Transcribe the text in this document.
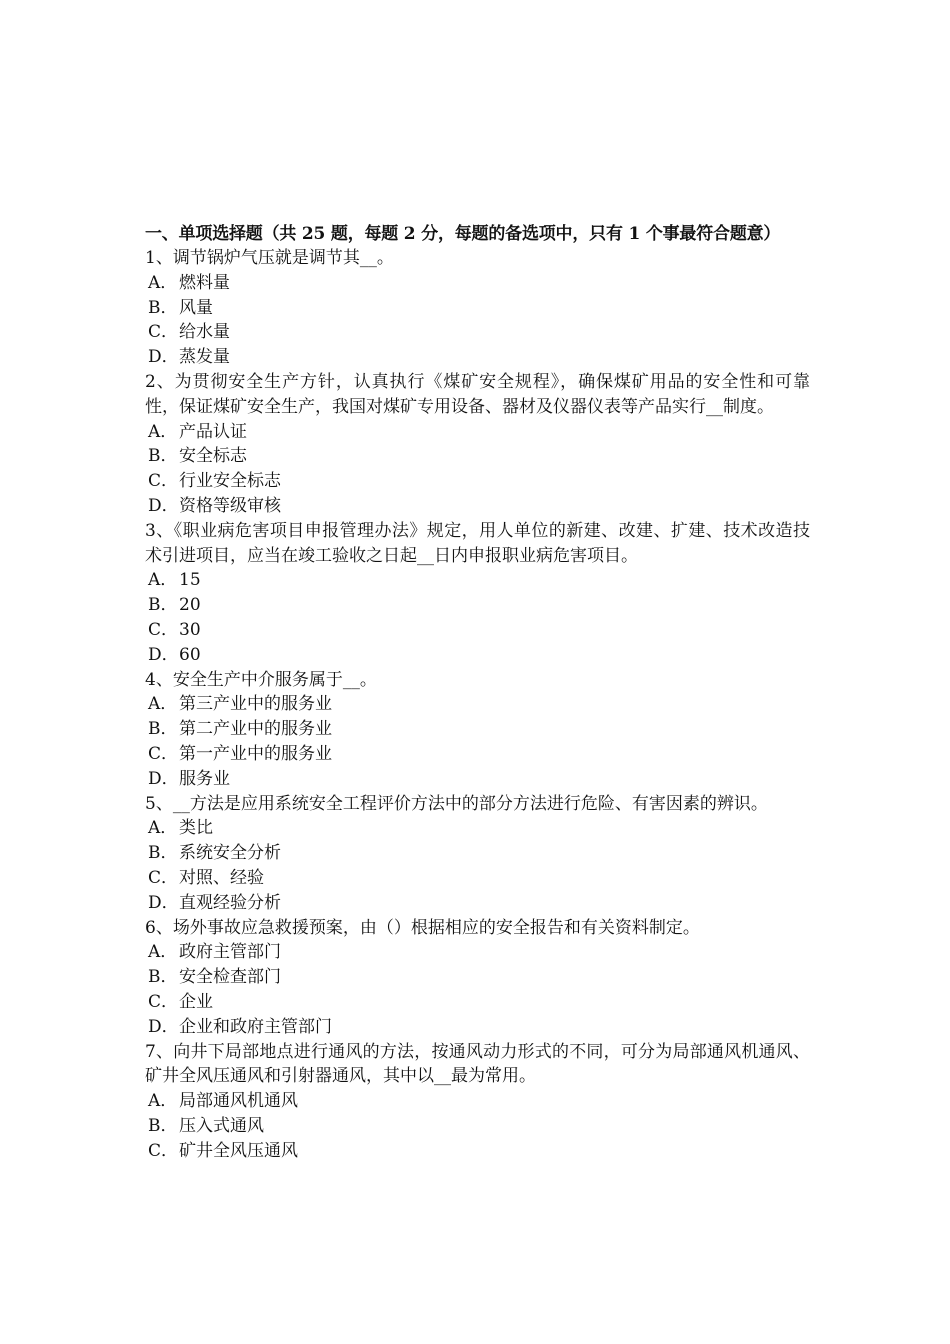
一、单项选择题（共 25 题，每题 2 分，每题的备选项中，只有 1 个事最符合题意）
1、调节锅炉气压就是调节其__。
A． 燃料量
B．风量
C．给水量
D．蒸发量
2、为贯彻安全生产方针，认真执行《煤矿安全规程》，确保煤矿用品的安全性和可靠性，保证煤矿安全生产，我国对煤矿专用设备、器材及仪器仪表等产品实行__制度。
A． 产品认证
B．安全标志
C．行业安全标志
D．资格等级审核
3、《职业病危害项目申报管理办法》规定，用人单位的新建、改建、扩建、技术改造技术引进项目，应当在竣工验收之日起__日内申报职业病危害项目。
A． 15
B．20
C．30
D．60
4、安全生产中介服务属于__。
A． 第三产业中的服务业
B．第二产业中的服务业
C．第一产业中的服务业
D．服务业
5、__方法是应用系统安全工程评价方法中的部分方法进行危险、有害因素的辨识。
A． 类比
B．系统安全分析
C．对照、经验
D．直观经验分析
6、场外事故应急救援预案，由（）根据相应的安全报告和有关资料制定。
A． 政府主管部门
B．安全检查部门
C．企业
D．企业和政府主管部门
7、向井下局部地点进行通风的方法，按通风动力形式的不同，可分为局部通风机通风、矿井全风压通风和引射器通风，其中以__最为常用。
A． 局部通风机通风
B．压入式通风
C．矿井全风压通风
